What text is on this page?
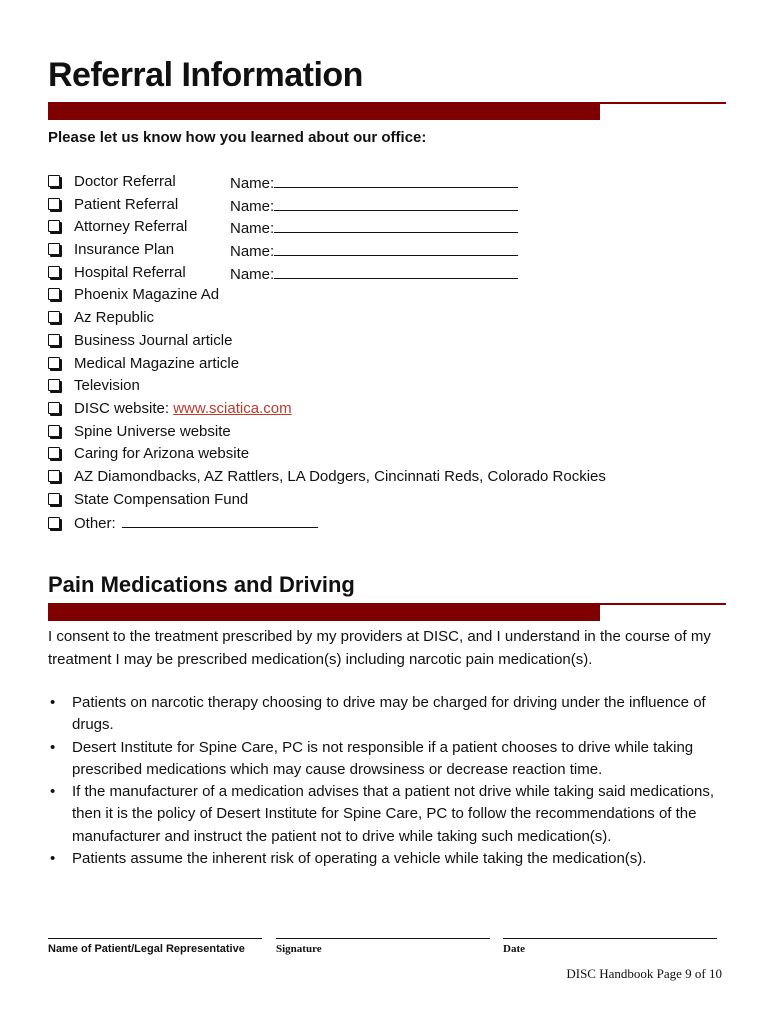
Referral Information
Please let us know how you learned about our office:
Doctor Referral	Name:
Patient Referral	Name:
Attorney Referral	Name:
Insurance Plan	Name:
Hospital Referral	Name:
Phoenix Magazine Ad
Az Republic
Business Journal article
Medical Magazine article
Television
DISC website: www.sciatica.com
Spine Universe website
Caring for Arizona website
AZ Diamondbacks, AZ Rattlers, LA Dodgers, Cincinnati Reds, Colorado Rockies
State Compensation Fund
Other:
Pain Medications and Driving
I consent to the treatment prescribed by my providers at DISC, and I understand in the course of my treatment I may be prescribed medication(s) including narcotic pain medication(s).
• Patients on narcotic therapy choosing to drive may be charged for driving under the influence of drugs.
• Desert Institute for Spine Care, PC is not responsible if a patient chooses to drive while taking prescribed medications which may cause drowsiness or decrease reaction time.
• If the manufacturer of a medication advises that a patient not drive while taking said medications, then it is the policy of Desert Institute for Spine Care, PC to follow the recommendations of the manufacturer and instruct the patient not to drive while taking such medication(s).
• Patients assume the inherent risk of operating a vehicle while taking the medication(s).
Name of Patient/Legal Representative	Signature	Date
DISC Handbook Page 9 of 10
